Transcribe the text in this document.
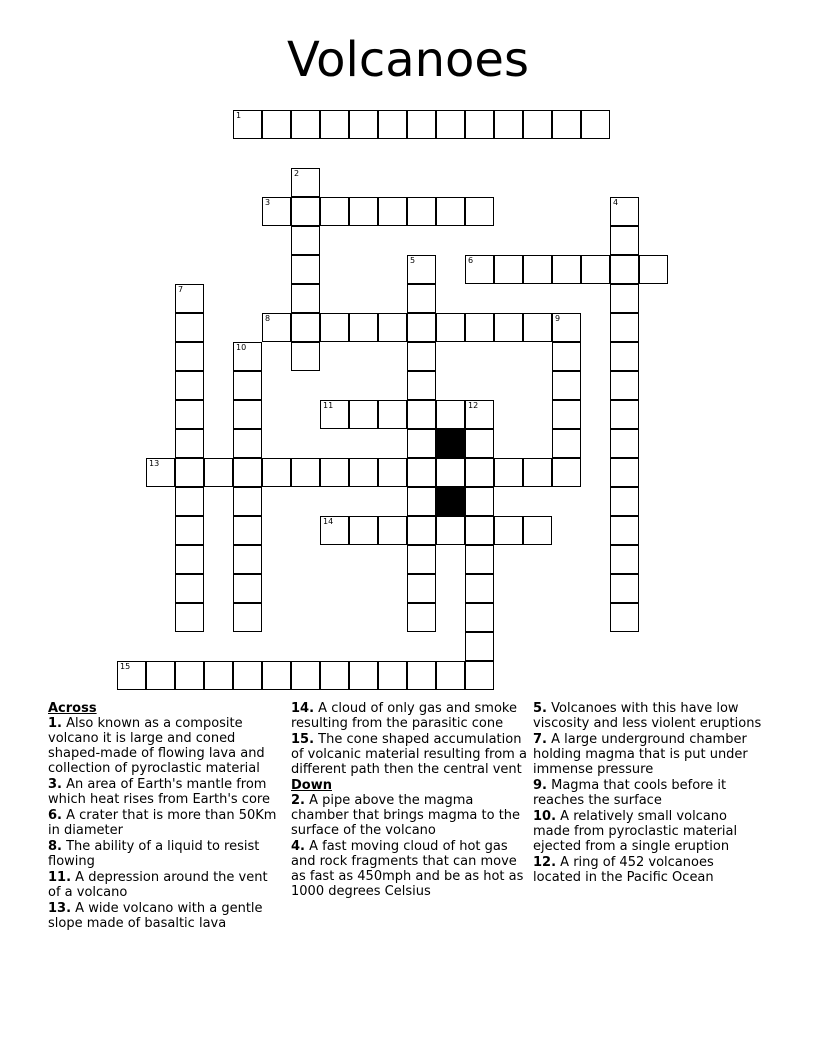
Volcanoes
1
2
3	4
5	6
7
8	9
10
11	12
13
14
15
Across
1. Also known as a composite volcano it is large and coned shaped-made of flowing lava and collection of pyroclastic material
3. An area of Earth's mantle from which heat rises from Earth's core
6. A crater that is more than 50Km in diameter
8. The ability of a liquid to resist flowing
11. A depression around the vent of a volcano
13. A wide volcano with a gentle slope made of basaltic lava
14. A cloud of only gas and smoke resulting from the parasitic cone
15. The cone shaped accumulation of volcanic material resulting from a different path then the central vent
Down
2. A pipe above the magma chamber that brings magma to the surface of the volcano
4. A fast moving cloud of hot gas and rock fragments that can move as fast as 450mph and be as hot as 1000 degrees Celsius
5. Volcanoes with this have low viscosity and less violent eruptions
7. A large underground chamber holding magma that is put under immense pressure
9. Magma that cools before it reaches the surface
10. A relatively small volcano made from pyroclastic material ejected from a single eruption
12. A ring of 452 volcanoes located in the Pacific Ocean
